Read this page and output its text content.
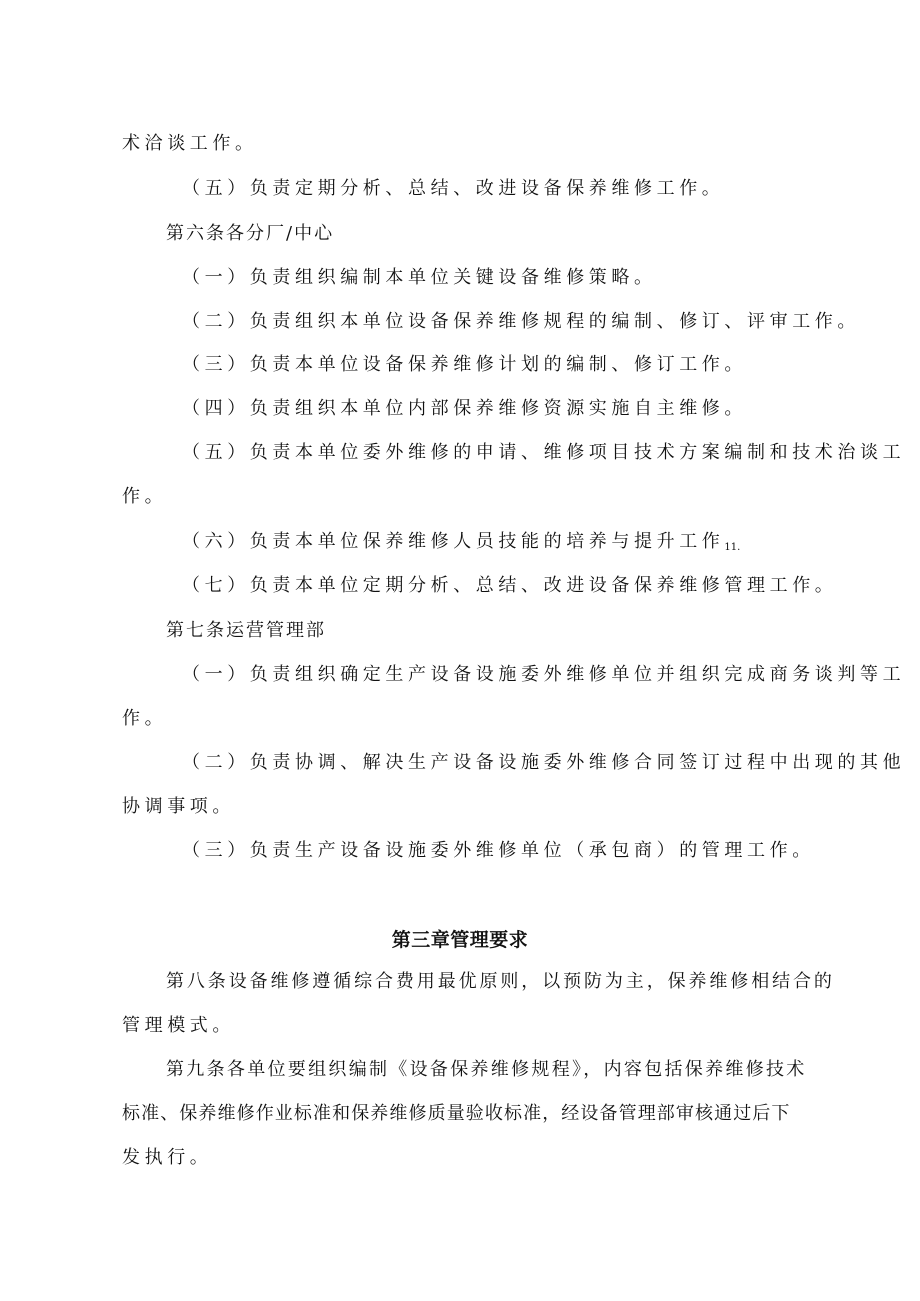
术洽谈工作。
（五）负责定期分析、总结、改进设备保养维修工作。
第六条各分厂/中心
（一）负责组织编制本单位关键设备维修策略。
（二）负责组织本单位设备保养维修规程的编制、修订、评审工作。
（三）负责本单位设备保养维修计划的编制、修订工作。
（四）负责组织本单位内部保养维修资源实施自主维修。
（五）负责本单位委外维修的申请、维修项目技术方案编制和技术治谈工
作。
（六）负责本单位保养维修人员技能的培养与提升工作$_{11.}$
（七）负责本单位定期分析、总结、改进设备保养维修管理工作。
第七条运营管理部
（一）负责组织确定生产设备设施委外维修单位并组织完成商务谈判等工
作。
（二）负责协调、解决生产设备设施委外维修合同签订过程中出现的其他
协调事项。
（三）负责生产设备设施委外维修单位（承包商）的管理工作。
第三章管理要求
第八条设备维修遵循综合费用最优原则，以预防为主，保养维修相结合的
管理模式。
第九条各单位要组织编制《设备保养维修规程》，内容包括保养维修技术
标准、保养维修作业标准和保养维修质量验收标准，经设备管理部审核通过后下
发执行。
